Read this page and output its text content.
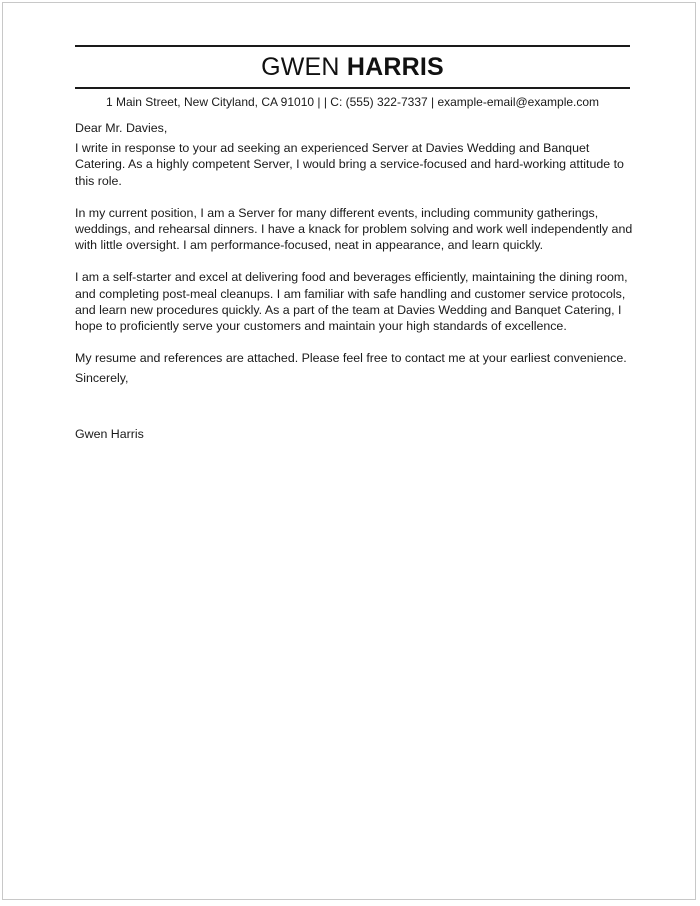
GWEN HARRIS
1 Main Street, New Cityland, CA 91010 | | C: (555) 322-7337 | example-email@example.com

Dear Mr. Davies,

I write in response to your ad seeking an experienced Server at Davies Wedding and Banquet Catering. As a highly competent Server, I would bring a service-focused and hard-working attitude to this role.

In my current position, I am a Server for many different events, including community gatherings, weddings, and rehearsal dinners. I have a knack for problem solving and work well independently and with little oversight. I am performance-focused, neat in appearance, and learn quickly.

I am a self-starter and excel at delivering food and beverages efficiently, maintaining the dining room, and completing post-meal cleanups. I am familiar with safe handling and customer service protocols, and learn new procedures quickly. As a part of the team at Davies Wedding and Banquet Catering, I hope to proficiently serve your customers and maintain your high standards of excellence.

My resume and references are attached. Please feel free to contact me at your earliest convenience.

Sincerely,

Gwen Harris
